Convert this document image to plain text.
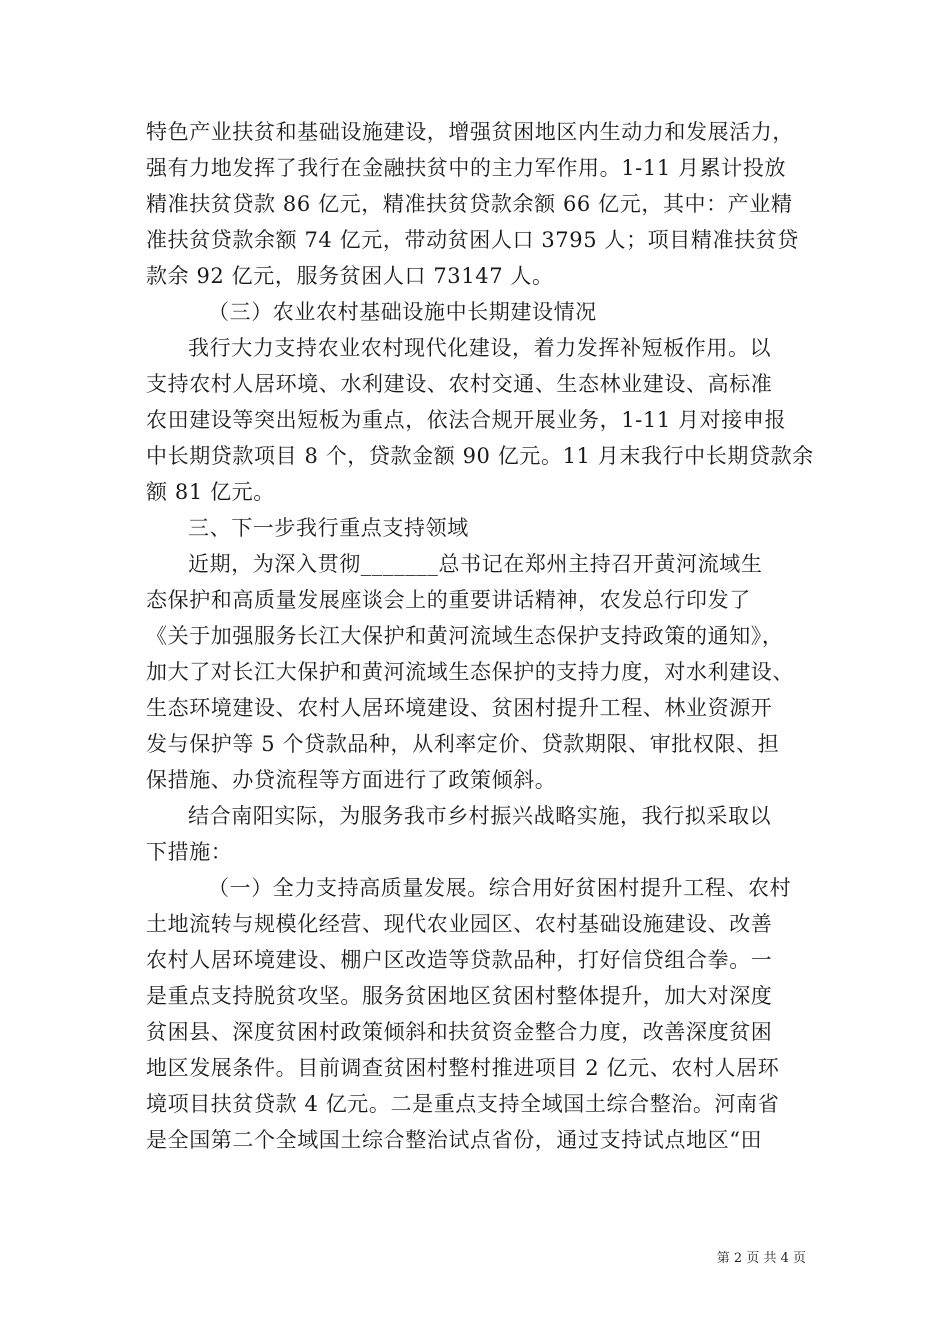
特色产业扶贫和基础设施建设，增强贫困地区内生动力和发展活力，
强有力地发挥了我行在金融扶贫中的主力军作用。1-11 月累计投放
精准扶贫贷款 86 亿元，精准扶贫贷款余额 66 亿元，其中：产业精
准扶贫贷款余额 74 亿元，带动贫困人口 3795 人；项目精准扶贫贷
款余 92 亿元，服务贫困人口 73147 人。
（三）农业农村基础设施中长期建设情况
我行大力支持农业农村现代化建设，着力发挥补短板作用。以
支持农村人居环境、水利建设、农村交通、生态林业建设、高标准
农田建设等突出短板为重点，依法合规开展业务，1-11 月对接申报
中长期贷款项目 8 个，贷款金额 90 亿元。11 月末我行中长期贷款余
额 81 亿元。
三、下一步我行重点支持领域
近期，为深入贯彻_______总书记在郑州主持召开黄河流域生
态保护和高质量发展座谈会上的重要讲话精神，农发总行印发了
《关于加强服务长江大保护和黄河流域生态保护支持政策的通知》，
加大了对长江大保护和黄河流域生态保护的支持力度，对水利建设、
生态环境建设、农村人居环境建设、贫困村提升工程、林业资源开
发与保护等 5 个贷款品种，从利率定价、贷款期限、审批权限、担
保措施、办贷流程等方面进行了政策倾斜。
结合南阳实际，为服务我市乡村振兴战略实施，我行拟采取以
下措施：
（一）全力支持高质量发展。综合用好贫困村提升工程、农村
土地流转与规模化经营、现代农业园区、农村基础设施建设、改善
农村人居环境建设、棚户区改造等贷款品种，打好信贷组合拳。一
是重点支持脱贫攻坚。服务贫困地区贫困村整体提升，加大对深度
贫困县、深度贫困村政策倾斜和扶贫资金整合力度，改善深度贫困
地区发展条件。目前调查贫困村整村推进项目 2 亿元、农村人居环
境项目扶贫贷款 4 亿元。二是重点支持全域国土综合整治。河南省
是全国第二个全域国土综合整治试点省份，通过支持试点地区“田
第 2 页 共 4 页
